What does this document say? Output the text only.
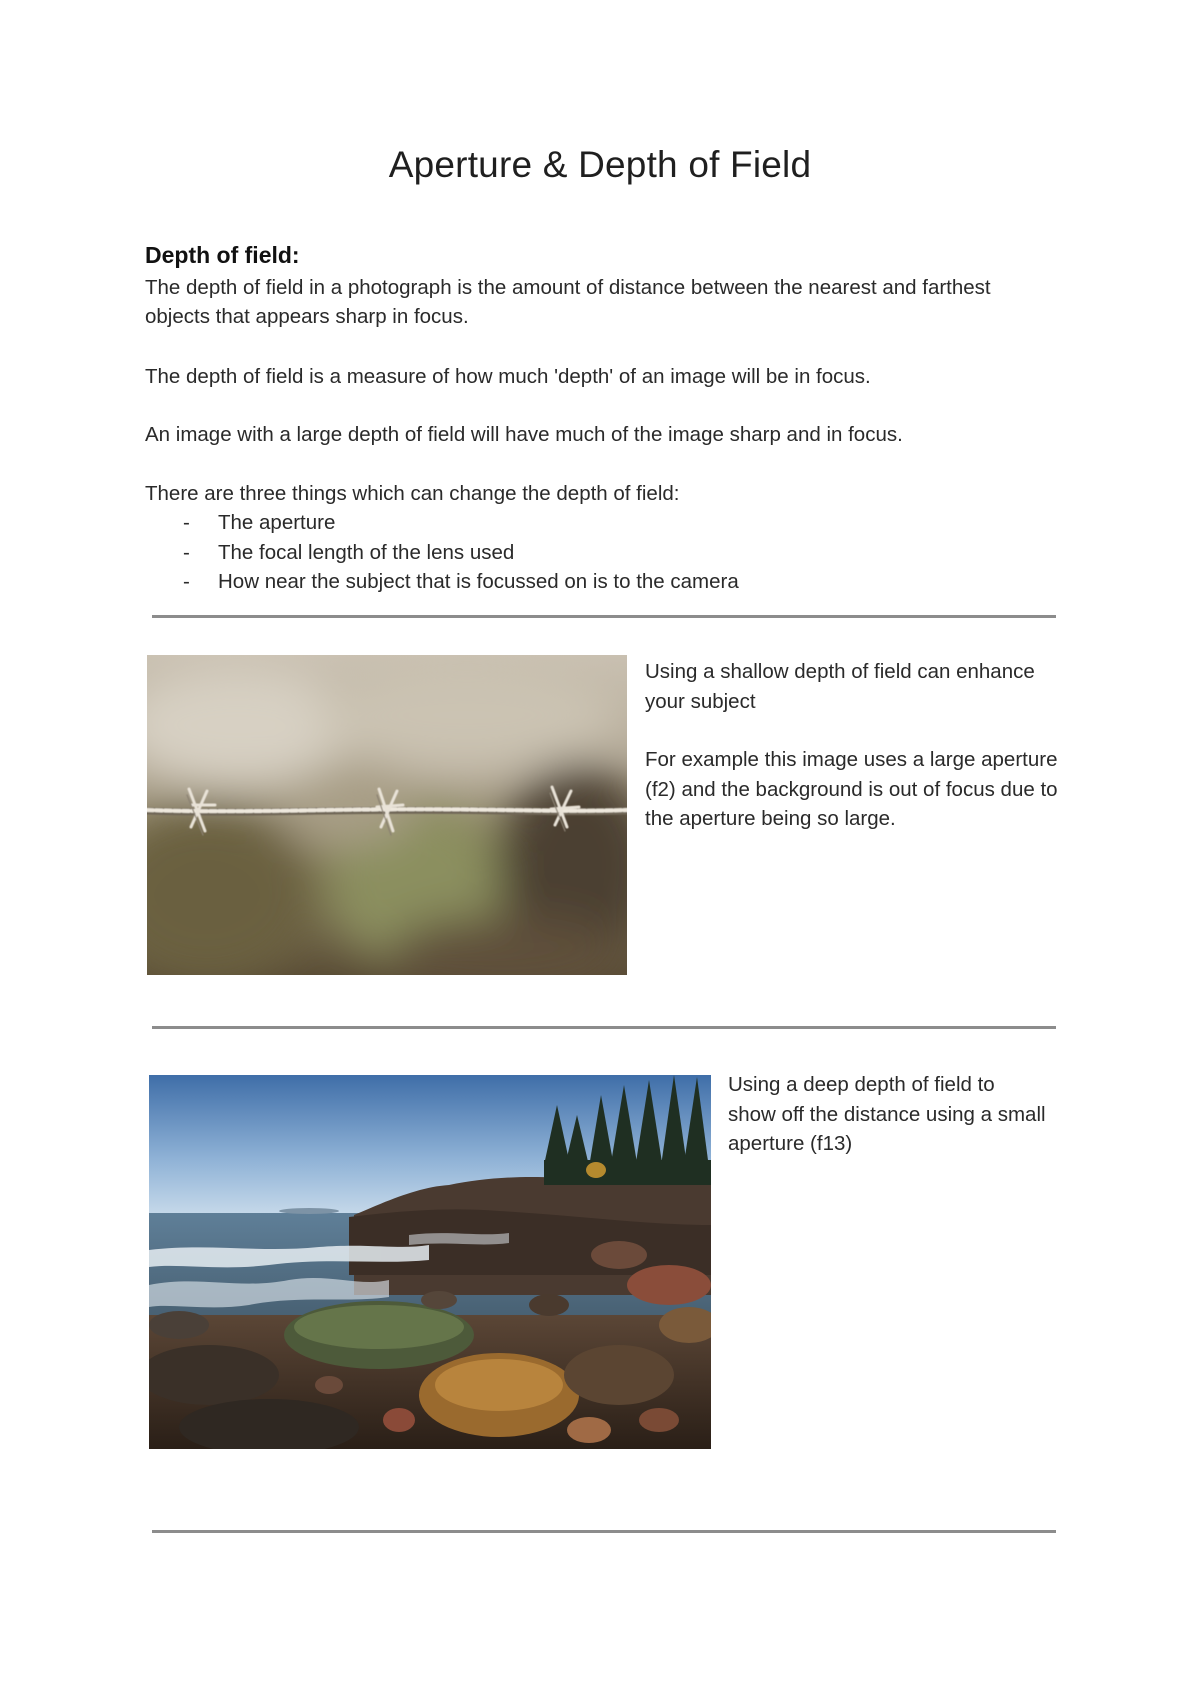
Aperture & Depth of Field
Depth of field:

The depth of field in a photograph is the amount of distance between the nearest and farthest objects that appears sharp in focus.

The depth of field is a measure of how much 'depth' of an image will be in focus.

An image with a large depth of field will have much of the image sharp and in focus.

There are three things which can change the depth of field:

- The aperture
- The focal length of the lens used
- How near the subject that is focussed on is to the camera

Using a shallow depth of field can enhance your subject

For example this image uses a large aperture (f2) and the background is out of focus due to the aperture being so large.

Using a deep depth of field to show off the distance using a small aperture (f13)
